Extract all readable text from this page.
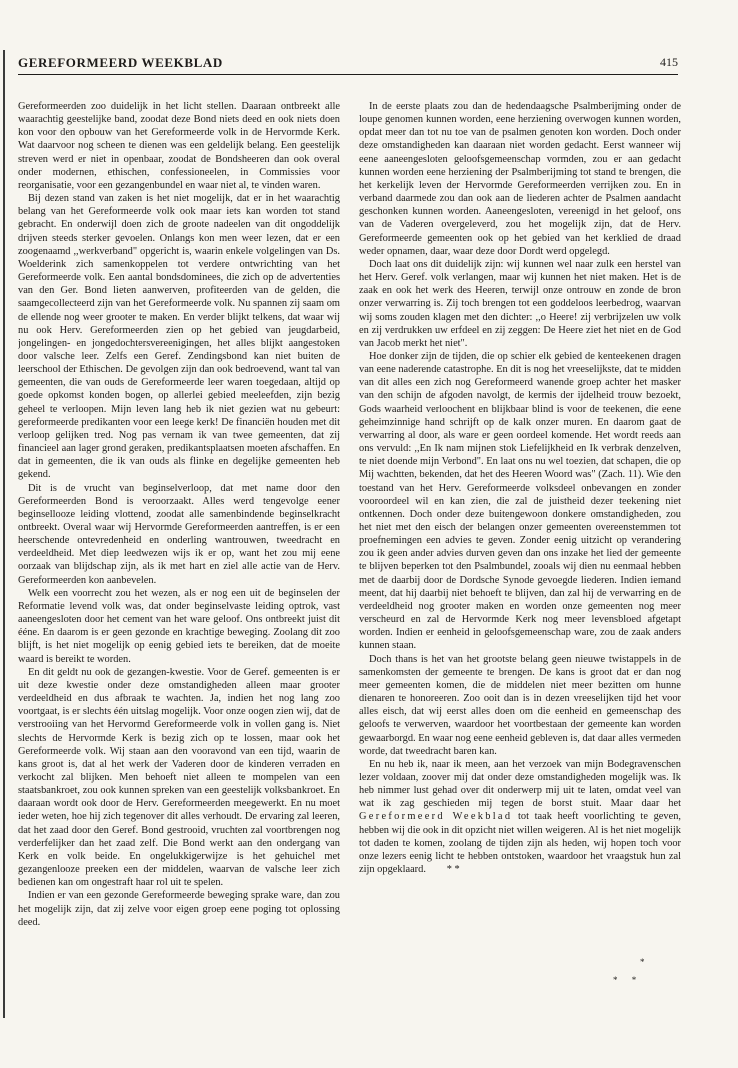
GEREFORMEERD WEEKBLAD	415

Gereformeerden zoo duidelijk in het licht stellen. Daaraan ontbreekt alle waarachtig geestelijke band, zoodat deze Bond niets deed en ook niets doen kon voor den opbouw van het Gereformeerde volk in de Hervormde Kerk. Wat daarvoor nog scheen te dienen was een geldelijk belang. Een geestelijk streven werd er niet in openbaar, zoodat de Bondsheeren dan ook overal onder modernen, ethischen, confessioneelen, in Commissies voor reorganisatie, voor een gezangenbundel en waar niet al, te vinden waren.

Bij dezen stand van zaken is het niet mogelijk, dat er in het waarachtig belang van het Gereformeerde volk ook maar iets kan worden tot stand gebracht. En onderwijl doen zich de groote nadeelen van dit ongoddelijk drijven steeds sterker gevoelen. Onlangs kon men weer lezen, dat er een zoogenaamd ,,werkverband" opgericht is, waarin enkele volgelingen van Ds. Woelderink zich samenkoppelen tot verdere ontwrichting van het Gereformeerde volk. Een aantal bondsdominees, die zich op de advertenties van den Ger. Bond lieten aanwerven, profiteerden van de gelden, die saamgecollecteerd zijn van het Gereformeerde volk. Nu spannen zij saam om de ellende nog weer grooter te maken. En verder blijkt telkens, dat waar wij nu ook Herv. Gereformeerden zien op het gebied van jeugdarbeid, jongelingen- en jongedochtersvereenigingen, het alles blijkt aangestoken door valsche leer. Zelfs een Geref. Zendingsbond kan niet buiten de leerschool der Ethischen. De gevolgen zijn dan ook bedroevend, want tal van gemeenten, die van ouds de Gereformeerde leer waren toegedaan, altijd op goede opkomst konden bogen, op allerlei gebied meeleefden, zijn bezig geheel te verloopen. Mijn leven lang heb ik niet gezien wat nu gebeurt: gereformeerde predikanten voor een leege kerk! De financiën houden met dit verloop gelijken tred. Nog pas vernam ik van twee gemeenten, dat zij financieel aan lager grond geraken, predikantsplaatsen moeten afschaffen. En dat in gemeenten, die ik van ouds als flinke en degelijke gemeenten heb gekend.

Dit is de vrucht van beginselverloop, dat met name door den Gereformeerden Bond is veroorzaakt. Alles werd tengevolge eener beginsellooze leiding vlottend, zoodat alle samenbindende beginselkracht ontbreekt. Overal waar wij Hervormde Gereformeerden aantreffen, is er een heerschende ontevredenheid en onderling wantrouwen, tweedracht en verdeeldheid. Met diep leedwezen wijs ik er op, want het zou mij eene oorzaak van blijdschap zijn, als ik met hart en ziel alle actie van de Herv. Gereformeerden kon aanbevelen.

Welk een voorrecht zou het wezen, als er nog een uit de beginselen der Reformatie levend volk was, dat onder beginselvaste leiding optrok, vast aaneengesloten door het cement van het ware geloof. Ons ontbreekt juist dit ééne. En daarom is er geen gezonde en krachtige beweging. Zoolang dit zoo blijft, is het niet mogelijk op eenig gebied iets te bereiken, dat de moeite waard is bereikt te worden.

En dit geldt nu ook de gezangen-kwestie. Voor de Geref. gemeenten is er uit deze kwestie onder deze omstandigheden alleen maar grooter verdeeldheid en dus afbraak te wachten. Ja, indien het nog lang zoo voortgaat, is er slechts één uitslag mogelijk. Voor onze oogen zien wij, dat de verstrooiing van het Hervormd Gereformeerde volk in vollen gang is. Niet slechts de Hervormde Kerk is bezig zich op te lossen, maar ook het Gereformeerde volk. Wij staan aan den vooravond van een tijd, waarin de kans groot is, dat al het werk der Vaderen door de kinderen verraden en verkocht zal blijken. Men behoeft niet alleen te mompelen van een staatsbankroet, zou ook kunnen spreken van een geestelijk volksbankroet. En daaraan wordt ook door de Herv. Gereformeerden meegewerkt. En nu moet ieder weten, hoe hij zich tegenover dit alles verhoudt. De ervaring zal leeren, dat het zaad door den Geref. Bond gestrooid, vruchten zal voortbrengen nog verderfelijker dan het zaad zelf. Die Bond werkt aan den ondergang van Kerk en volk beide. En ongelukkigerwijze is het gehuichel met gezangenlooze preeken een der middelen, waarvan de valsche leer zich bedienen kan om ongestraft haar rol uit te spelen.

Indien er van een gezonde Gereformeerde beweging sprake ware, dan zou het mogelijk zijn, dat zij zelve voor eigen groep eene poging tot oplossing deed.

In de eerste plaats zou dan de hedendaagsche Psalmberijming onder de loupe genomen kunnen worden, eene herziening overwogen kunnen worden, opdat meer dan tot nu toe van de psalmen genoten kon worden. Doch onder deze omstandigheden kan daaraan niet worden gedacht. Eerst wanneer wij eene aaneengesloten geloofsgemeenschap vormden, zou er aan gedacht kunnen worden eene herziening der Psalmberijming tot stand te brengen, die het kerkelijk leven der Hervormde Gereformeerden verrijken zou. En in verband daarmede zou dan ook aan de liederen achter de Psalmen aandacht geschonken kunnen worden. Aaneengesloten, vereenigd in het geloof, ons van de Vaderen overgeleverd, zou het mogelijk zijn, dat de Herv. Gereformeerde gemeenten ook op het gebied van het kerklied de draad weder opnamen, daar, waar deze door Dordt werd opgelegd.

Doch laat ons dit duidelijk zijn: wij kunnen wel naar zulk een herstel van het Herv. Geref. volk verlangen, maar wij kunnen het niet maken. Het is de zaak en ook het werk des Heeren, terwijl onze ontrouw en zonde de bron onzer verwarring is. Zij toch brengen tot een goddeloos leerbedrog, waarvan wij soms zouden klagen met den dichter: ,,o Heere! zij verbrijzelen uw volk en zij verdrukken uw erfdeel en zij zeggen: De Heere ziet het niet en de God van Jacob merkt het niet".

Hoe donker zijn de tijden, die op schier elk gebied de kenteekenen dragen van eene naderende catastrophe. En dit is nog het vreeselijkste, dat te midden van dit alles een zich nog Gereformeerd wanende groep achter het masker van den schijn de afgoden navolgt, de kermis der ijdelheid trouw bezoekt, Gods waarheid verloochent en blijkbaar blind is voor de teekenen, die eene geheimzinnige hand schrijft op de kalk onzer muren. En daarom gaat de verwarring al door, als ware er geen oordeel komende. Het wordt reeds aan ons vervuld: ,,En Ik nam mijnen stok Liefelijkheid en Ik verbrak denzelven, te niet doende mijn Verbond". En laat ons nu wel toezien, dat schapen, die op Mij wachtten, bekenden, dat het des Heeren Woord was" (Zach. 11). Wie den toestand van het Herv. Gereformeerde volksdeel onbevangen en zonder vooroordeel wil en kan zien, die zal de juistheid dezer teekening niet ontkennen. Doch onder deze buitengewoon donkere omstandigheden, zou het niet met den eisch der belangen onzer gemeenten overeenstemmen tot proefnemingen een advies te geven. Zonder eenig uitzicht op verandering zou ik geen ander advies durven geven dan ons inzake het lied der gemeente te blijven beperken tot den Psalmbundel, zooals wij dien nu eenmaal hebben met de daarbij door de Dordsche Synode gevoegde liederen. Indien iemand meent, dat hij daarbij niet behoeft te blijven, dan zal hij de verwarring en de verdeeldheid nog grooter maken en worden onze gemeenten nog meer verscheurd en zal de Hervormde Kerk nog meer levensbloed afgetapt worden. Indien er eenheid in geloofsgemeenschap ware, zou de zaak anders kunnen staan.

Doch thans is het van het grootste belang geen nieuwe twistappels in de samenkomsten der gemeente te brengen. De kans is groot dat er dan nog meer gemeenten komen, die de middelen niet meer bezitten om hunne dienaren te honoreeren. Zoo ooit dan is in dezen vreeselijken tijd het voor alles eisch, dat wij eerst alles doen om die eenheid en gemeenschap des geloofs te verwerven, waardoor het voortbestaan der gemeente kan worden gewaarborgd. En waar nog eene eenheid gebleven is, dat daar alles vermeden worde, dat tweedracht baren kan.

En nu heb ik, naar ik meen, aan het verzoek van mijn Bodegravenschen lezer voldaan, zoover mij dat onder deze omstandigheden mogelijk was. Ik heb nimmer lust gehad over dit onderwerp mij uit te laten, omdat veel van wat ik zag geschieden mij tegen de borst stuit. Maar daar het Gereformeerd Weekblad tot taak heeft voorlichting te geven, hebben wij die ook in dit opzicht niet willen weigeren. Al is het niet mogelijk tot daden te komen, zoolang de tijden zijn als heden, wij hopen toch voor onze lezers eenig licht te hebben ontstoken, waardoor het vraagstuk hun zal zijn opgeklaard. * *

*
* *
